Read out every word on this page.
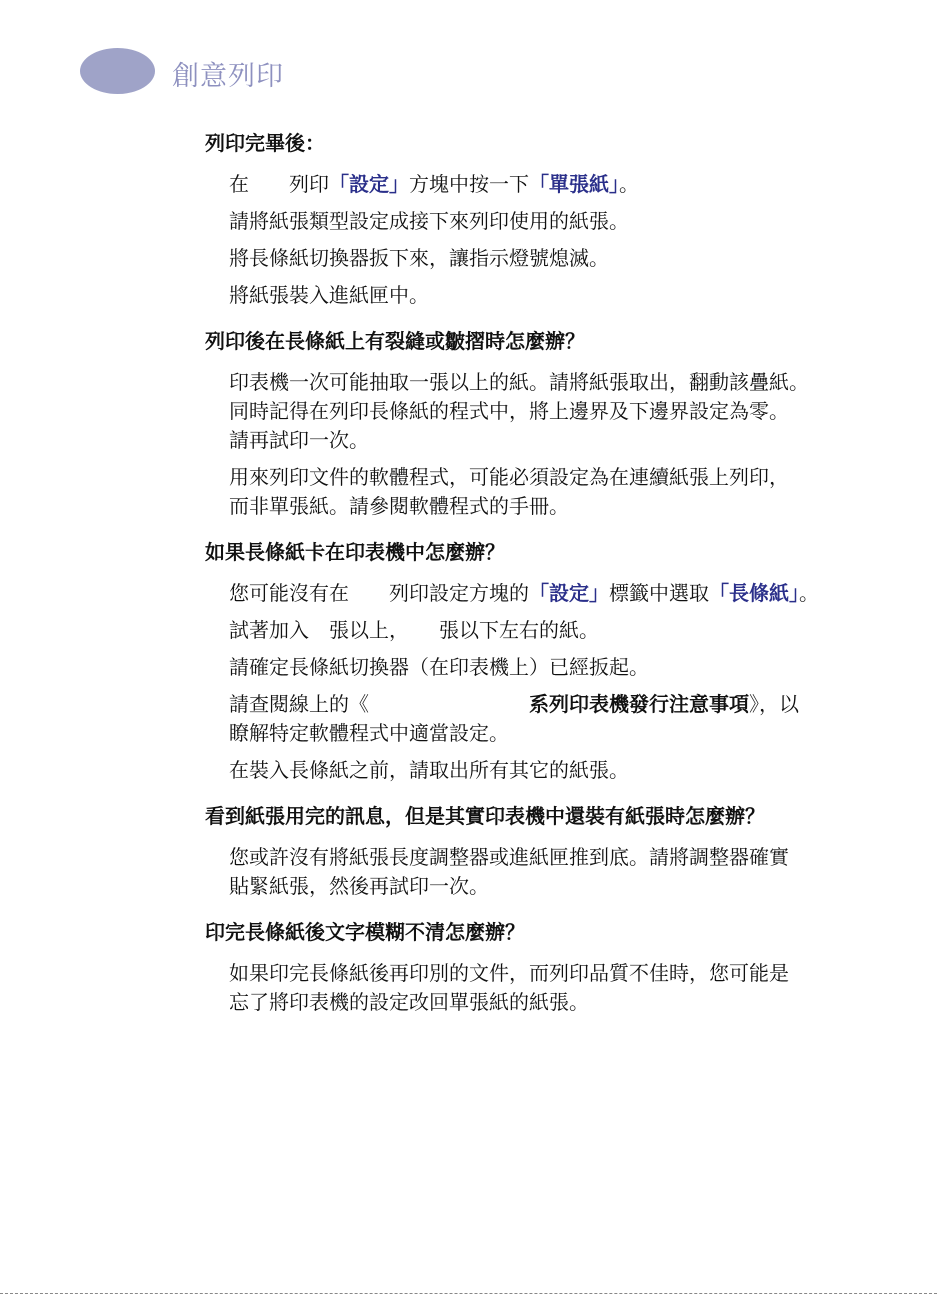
創意列印
列印完畢後：
在　　列印「設定」方塊中按一下「單張紙」。
請將紙張類型設定成接下來列印使用的紙張。
將長條紙切換器扳下來，讓指示燈號熄滅。
將紙張裝入進紙匣中。
列印後在長條紙上有裂縫或皺摺時怎麼辦？
印表機一次可能抽取一張以上的紙。請將紙張取出，翻動該疊紙。
同時記得在列印長條紙的程式中，將上邊界及下邊界設定為零。
請再試印一次。
用來列印文件的軟體程式，可能必須設定為在連續紙張上列印，
而非單張紙。請參閱軟體程式的手冊。
如果長條紙卡在印表機中怎麼辦？
您可能沒有在　　列印設定方塊的「設定」標籤中選取「長條紙」。
試著加入　張以上，　　張以下左右的紙。
請確定長條紙切換器（在印表機上）已經扳起。
請查閱線上的《　　　　　　　　系列印表機發行注意事項》，以
瞭解特定軟體程式中適當設定。
在裝入長條紙之前，請取出所有其它的紙張。
看到紙張用完的訊息，但是其實印表機中還裝有紙張時怎麼辦？
您或許沒有將紙張長度調整器或進紙匣推到底。請將調整器確實
貼緊紙張，然後再試印一次。
印完長條紙後文字模糊不清怎麼辦？
如果印完長條紙後再印別的文件，而列印品質不佳時，您可能是
忘了將印表機的設定改回單張紙的紙張。
